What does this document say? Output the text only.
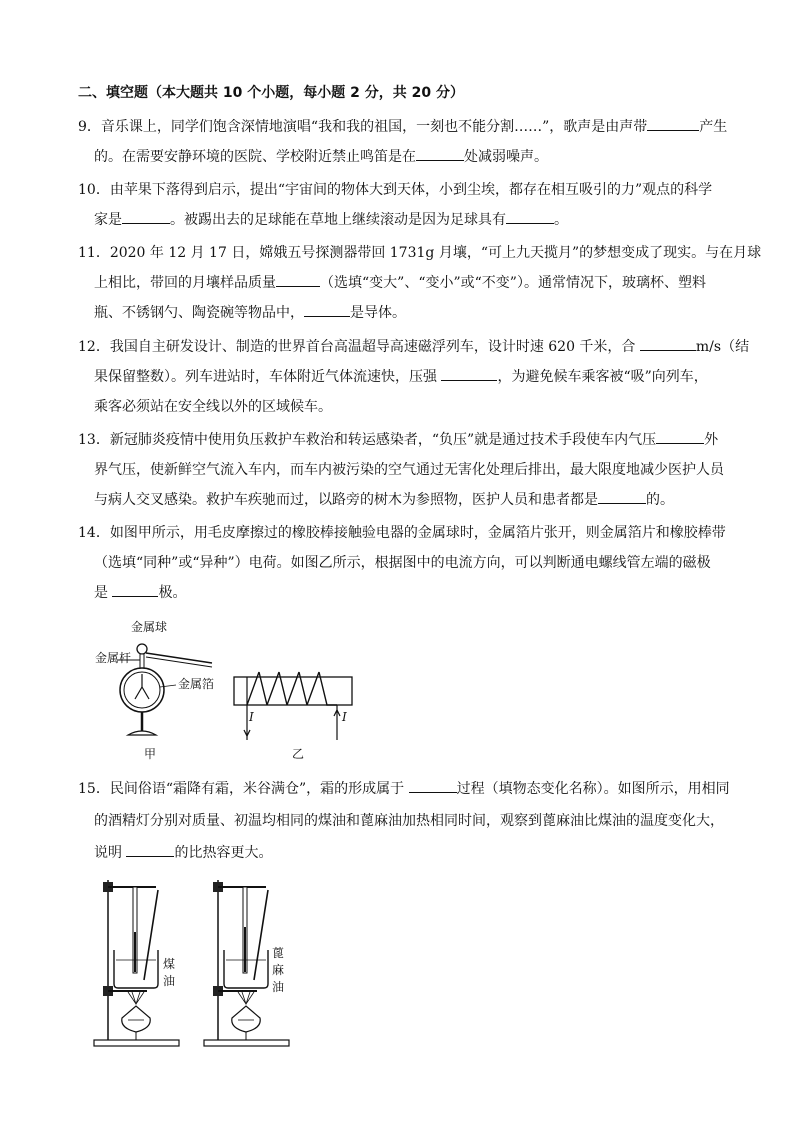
二、填空题（本大题共 10 个小题，每小题 2 分，共 20 分）
9．音乐课上，同学们饱含深情地演唱“我和我的祖国，一刻也不能分割……”，歌声是由声带	产生
的。在需要安静环境的医院、学校附近禁止鸣笛是在	处减弱噪声。
10．由苹果下落得到启示，提出“宇宙间的物体大到天体，小到尘埃，都存在相互吸引的力”观点的科学
家是	。被踢出去的足球能在草地上继续滚动是因为足球具有	。
11．2020 年 12 月 17 日，嫦娥五号探测器带回 1731g 月壤，“可上九天揽月”的梦想变成了现实。与在月球
上相比，带回的月壤样品质量	（选填“变大”、“变小”或“不变”）。通常情况下，玻璃杯、塑料
瓶、不锈钢勺、陶瓷碗等物品中，	是导体。
12．我国自主研发设计、制造的世界首台高温超导高速磁浮列车，设计时速 620 千米，合	m/s（结
果保留整数）。列车进站时，车体附近气体流速快，压强	，为避免候车乘客被“吸”向列车，
乘客必须站在安全线以外的区域候车。
13．新冠肺炎疫情中使用负压救护车救治和转运感染者，“负压”就是通过技术手段使车内气压	外
界气压，使新鲜空气流入车内，而车内被污染的空气通过无害化处理后排出，最大限度地减少医护人员
与病人交叉感染。救护车疾驰而过，以路旁的树木为参照物，医护人员和患者都是	的。
14．如图甲所示，用毛皮摩擦过的橡胶棒接触验电器的金属球时，金属箔片张开，则金属箔片和橡胶棒带
（选填“同种”或“异种”）电荷。如图乙所示，根据图中的电流方向，可以判断通电螺线管左端的磁极
是	极。
金属球
金属杆
金属箔
甲
I	I
乙
15．民间俗语“霜降有霜，米谷满仓”，霜的形成属于	过程（填物态变化名称）。如图所示，用相同
的酒精灯分别对质量、初温均相同的煤油和蓖麻油加热相同时间，观察到蓖麻油比煤油的温度变化大，
说明	的比热容更大。
煤
油
蓖
麻
油
